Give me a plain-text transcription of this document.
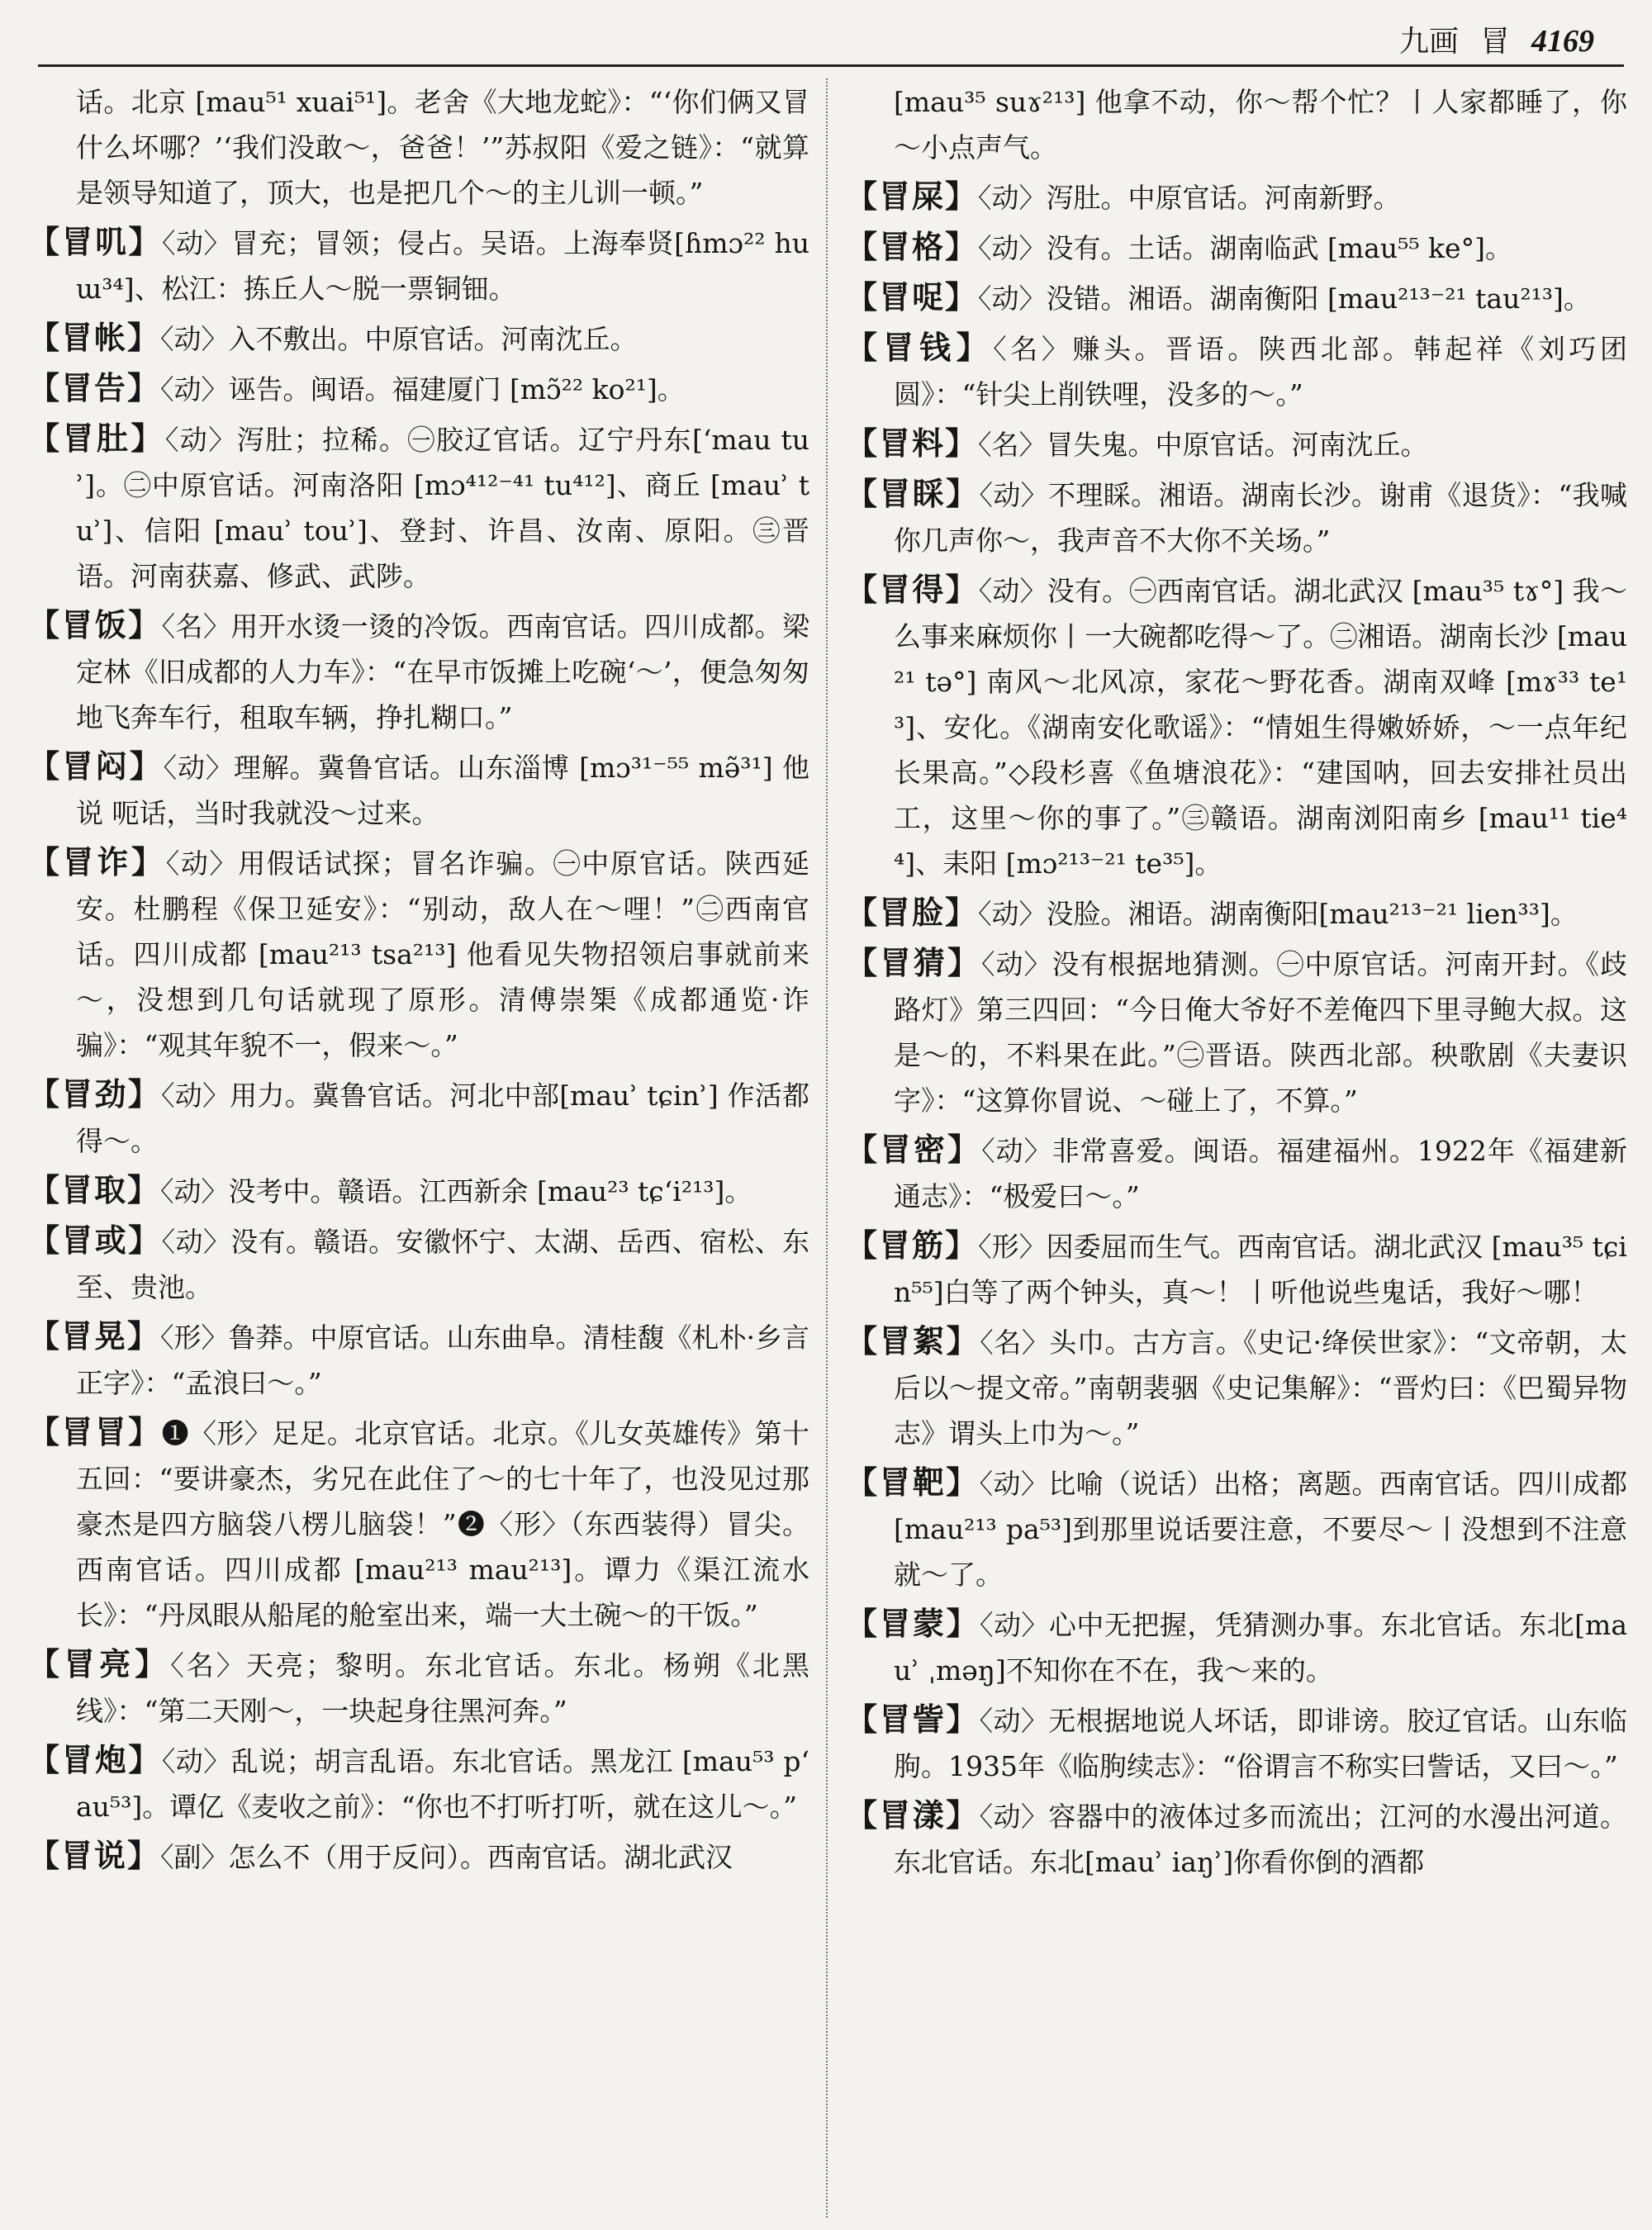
九画 冒 4169

话。北京 [mau⁵¹ xuai⁵¹]。老舍《大地龙蛇》：“‘你们俩又冒什么坏哪？’‘我们没敢～，爸爸！’”苏叔阳《爱之链》：“就算是领导知道了，顶大，也是把几个～的主儿训一顿。”

【冒叽】〈动〉冒充；冒领；侵占。吴语。上海奉贤[ɦmɔ²² huɯ³⁴]、松江：拣丘人～脱一票铜钿。

【冒帐】〈动〉入不敷出。中原官话。河南沈丘。

【冒告】〈动〉诬告。闽语。福建厦门 [mɔ̃²² ko²¹]。

【冒肚】〈动〉泻肚；拉稀。㊀胶辽官话。辽宁丹东[ʻmau tuʾ]。㊁中原官话。河南洛阳 [mɔ⁴¹²⁻⁴¹ tu⁴¹²]、商丘 [mauʾ tuʾ]、信阳 [mauʾ touʾ]、登封、许昌、汝南、原阳。㊂晋语。河南获嘉、修武、武陟。

【冒饭】〈名〉用开水烫一烫的冷饭。西南官话。四川成都。梁定林《旧成都的人力车》：“在早市饭摊上吃碗‘～’，便急匆匆地飞奔车行，租取车辆，挣扎糊口。”

【冒闷】〈动〉理解。冀鲁官话。山东淄博 [mɔ³¹⁻⁵⁵ mə̃³¹] 他说 呃话，当时我就没～过来。

【冒诈】〈动〉用假话试探；冒名诈骗。㊀中原官话。陕西延安。杜鹏程《保卫延安》：“别动，敌人在～哩！”㊁西南官话。四川成都 [mau²¹³ tsa²¹³] 他看见失物招领启事就前来～，没想到几句话就现了原形。清傅崇榘《成都通览·诈骗》：“观其年貌不一，假来～。”

【冒劲】〈动〉用力。冀鲁官话。河北中部[mauʾ tɕinʾ] 作活都得～。

【冒取】〈动〉没考中。赣语。江西新余 [mau²³ tɕʻi²¹³]。

【冒或】〈动〉没有。赣语。安徽怀宁、太湖、岳西、宿松、东至、贵池。

【冒晃】〈形〉鲁莽。中原官话。山东曲阜。清桂馥《札朴·乡言正字》：“孟浪曰～。”

【冒冒】❶〈形〉足足。北京官话。北京。《儿女英雄传》第十五回：“要讲豪杰，劣兄在此住了～的七十年了，也没见过那豪杰是四方脑袋八楞儿脑袋！”❷〈形〉（东西装得）冒尖。西南官话。四川成都 [mau²¹³ mau²¹³]。谭力《渠江流水长》：“丹凤眼从船尾的舱室出来，端一大土碗～的干饭。”

【冒亮】〈名〉天亮；黎明。东北官话。东北。杨朔《北黑线》：“第二天刚～，一块起身往黑河奔。”

【冒炮】〈动〉乱说；胡言乱语。东北官话。黑龙江 [mau⁵³ pʻau⁵³]。谭亿《麦收之前》：“你也不打听打听，就在这儿～。”

【冒说】〈副〉怎么不（用于反问）。西南官话。湖北武汉

[mau³⁵ suɤ²¹³] 他拿不动，你～帮个忙？丨人家都睡了，你～小点声气。

【冒屎】〈动〉泻肚。中原官话。河南新野。

【冒格】〈动〉没有。土话。湖南临武 [mau⁵⁵ ke°]。

【冒哫】〈动〉没错。湘语。湖南衡阳 [mau²¹³⁻²¹ tau²¹³]。

【冒钱】〈名〉赚头。晋语。陕西北部。韩起祥《刘巧团圆》：“针尖上削铁哩，没多的～。”

【冒料】〈名〉冒失鬼。中原官话。河南沈丘。

【冒睬】〈动〉不理睬。湘语。湖南长沙。谢甫《退货》：“我喊你几声你～，我声音不大你不关场。”

【冒得】〈动〉没有。㊀西南官话。湖北武汉 [mau³⁵ tɤ°] 我～么事来麻烦你丨一大碗都吃得～了。㊁湘语。湖南长沙 [mau²¹ tə°] 南风～北风凉，家花～野花香。湖南双峰 [mɤ³³ te¹³]、安化。《湖南安化歌谣》：“情姐生得嫩娇娇，～一点年纪长果高。”◇段杉喜《鱼塘浪花》：“建国呐，回去安排社员出工，这里～你的事了。”㊂赣语。湖南浏阳南乡 [mau¹¹ tie⁴⁴]、耒阳 [mɔ²¹³⁻²¹ te³⁵]。

【冒脸】〈动〉没脸。湘语。湖南衡阳[mau²¹³⁻²¹ lien³³]。

【冒猜】〈动〉没有根据地猜测。㊀中原官话。河南开封。《歧路灯》第三四回：“今日俺大爷好不差俺四下里寻鲍大叔。这是～的，不料果在此。”㊁晋语。陕西北部。秧歌剧《夫妻识字》：“这算你冒说、～碰上了，不算。”

【冒密】〈动〉非常喜爱。闽语。福建福州。1922年《福建新通志》：“极爱曰～。”

【冒筋】〈形〉因委屈而生气。西南官话。湖北武汉 [mau³⁵ tɕin⁵⁵]白等了两个钟头，真～！丨听他说些鬼话，我好～哪！

【冒絮】〈名〉头巾。古方言。《史记·绛侯世家》：“文帝朝，太后以～提文帝。”南朝裴骃《史记集解》：“晋灼曰：《巴蜀异物志》谓头上巾为～。”

【冒靶】〈动〉比喻（说话）出格；离题。西南官话。四川成都[mau²¹³ pa⁵³]到那里说话要注意，不要尽～丨没想到不注意就～了。

【冒蒙】〈动〉心中无把握，凭猜测办事。东北官话。东北[mauʾ ˌməŋ]不知你在不在，我～来的。

【冒訾】〈动〉无根据地说人坏话，即诽谤。胶辽官话。山东临朐。1935年《临朐续志》：“俗谓言不称实曰訾话，又曰～。”

【冒漾】〈动〉容器中的液体过多而流出；江河的水漫出河道。东北官话。东北[mauʾ iaŋʾ]你看你倒的酒都
